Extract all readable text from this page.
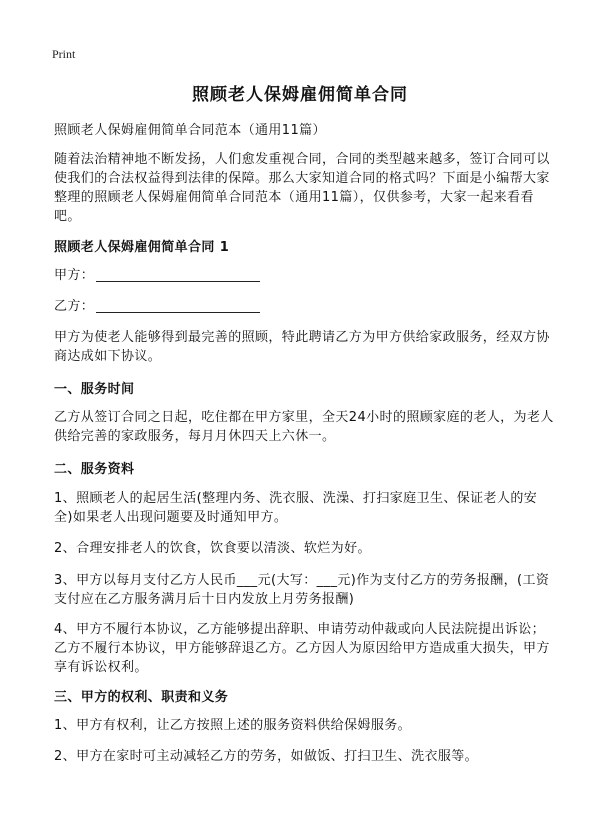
Print
照顾老人保姆雇佣简单合同

照顾老人保姆雇佣简单合同范本（通用11篇）

随着法治精神地不断发扬，人们愈发重视合同，合同的类型越来越多，签订合同可以使我们的合法权益得到法律的保障。那么大家知道合同的格式吗？下面是小编帮大家整理的照顾老人保姆雇佣简单合同范本（通用11篇），仅供参考，大家一起来看看吧。

照顾老人保姆雇佣简单合同 1

甲方：
乙方：

甲方为使老人能够得到最完善的照顾，特此聘请乙方为甲方供给家政服务，经双方协商达成如下协议。

一、服务时间

乙方从签订合同之日起，吃住都在甲方家里，全天24小时的照顾家庭的老人，为老人供给完善的家政服务，每月月休四天上六休一。

二、服务资料

1、照顾老人的起居生活(整理内务、洗衣服、洗澡、打扫家庭卫生、保证老人的安全)如果老人出现问题要及时通知甲方。

2、合理安排老人的饮食，饮食要以清淡、软烂为好。

3、甲方以每月支付乙方人民币___元(大写：___元)作为支付乙方的劳务报酬，(工资支付应在乙方服务满月后十日内发放上月劳务报酬)

4、甲方不履行本协议，乙方能够提出辞职、申请劳动仲裁或向人民法院提出诉讼；乙方不履行本协议，甲方能够辞退乙方。乙方因人为原因给甲方造成重大损失，甲方享有诉讼权利。

三、甲方的权利、职责和义务

1、甲方有权利，让乙方按照上述的服务资料供给保姆服务。

2、甲方在家时可主动减轻乙方的劳务，如做饭、打扫卫生、洗衣服等。
